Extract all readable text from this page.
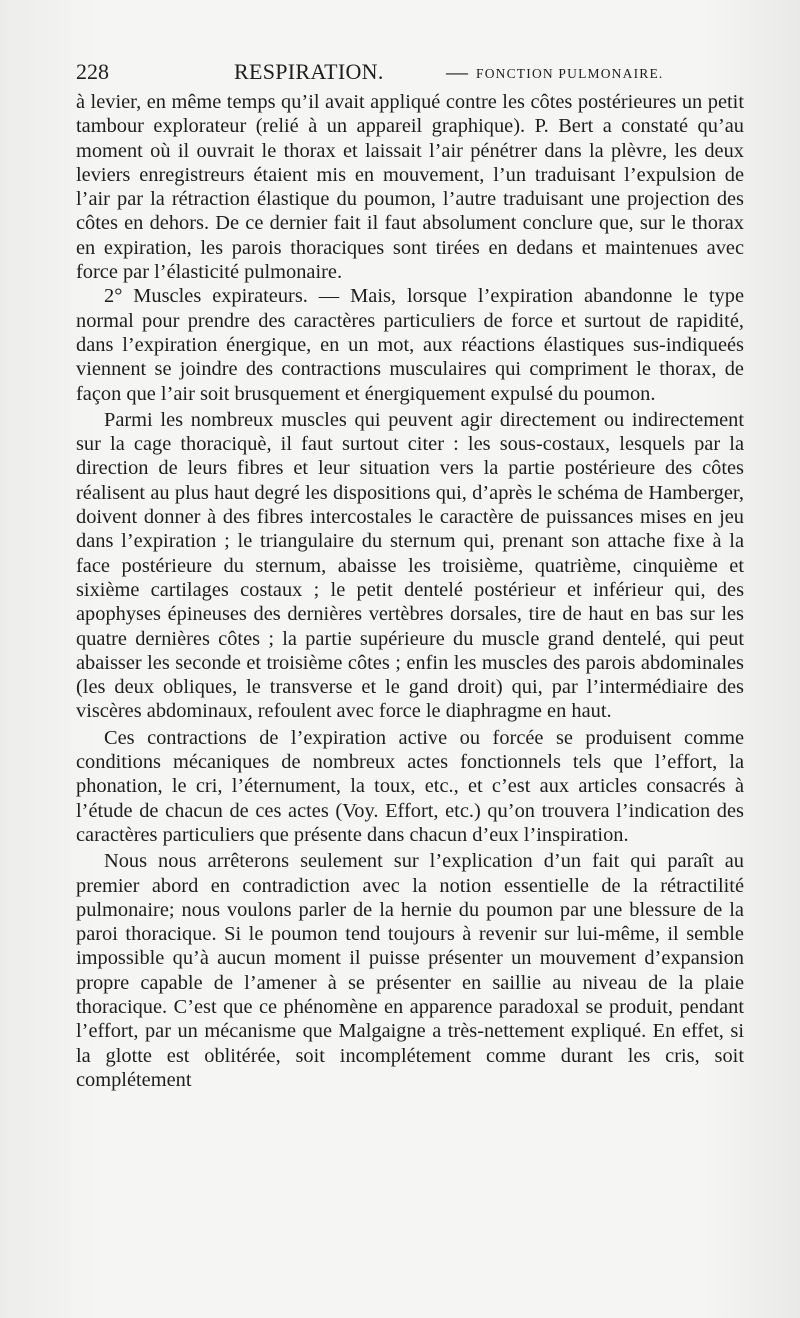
228	RESPIRATION.	— FONCTION PULMONAIRE.

à levier, en même temps qu’il avait appliqué contre les côtes postérieures un petit tambour explorateur (relié à un appareil graphique). P. Bert a constaté qu’au moment où il ouvrait le thorax et laissait l’air pénétrer dans la plèvre, les deux leviers enregistreurs étaient mis en mouvement, l’un traduisant l’expulsion de l’air par la rétraction élastique du poumon, l’autre traduisant une projection des côtes en dehors. De ce dernier fait il faut absolument conclure que, sur le thorax en expiration, les parois thoraciques sont tirées en dedans et maintenues avec force par l’élasticité pulmonaire.

2° Muscles expirateurs. — Mais, lorsque l’expiration abandonne le type normal pour prendre des caractères particuliers de force et surtout de rapidité, dans l’expiration énergique, en un mot, aux réactions élastiques sus-indiqueés viennent se joindre des contractions musculaires qui compriment le thorax, de façon que l’air soit brusquement et énergiquement expulsé du poumon.

Parmi les nombreux muscles qui peuvent agir directement ou indirectement sur la cage thoraciquè, il faut surtout citer : les sous-costaux, lesquels par la direction de leurs fibres et leur situation vers la partie postérieure des côtes réalisent au plus haut degré les dispositions qui, d’après le schéma de Hamberger, doivent donner à des fibres intercostales le caractère de puissances mises en jeu dans l’expiration ; le triangulaire du sternum qui, prenant son attache fixe à la face postérieure du sternum, abaisse les troisième, quatrième, cinquième et sixième cartilages costaux ; le petit dentelé postérieur et inférieur qui, des apophyses épineuses des dernières vertèbres dorsales, tire de haut en bas sur les quatre dernières côtes ; la partie supérieure du muscle grand dentelé, qui peut abaisser les seconde et troisième côtes ; enfin les muscles des parois abdominales (les deux obliques, le transverse et le gand droit) qui, par l’intermédiaire des viscères abdominaux, refoulent avec force le diaphragme en haut.

Ces contractions de l’expiration active ou forcée se produisent comme conditions mécaniques de nombreux actes fonctionnels tels que l’effort, la phonation, le cri, l’éternument, la toux, etc., et c’est aux articles consacrés à l’étude de chacun de ces actes (Voy. Effort, etc.) qu’on trouvera l’indication des caractères particuliers que présente dans chacun d’eux l’inspiration.

Nous nous arrêterons seulement sur l’explication d’un fait qui paraît au premier abord en contradiction avec la notion essentielle de la rétractilité pulmonaire; nous voulons parler de la hernie du poumon par une blessure de la paroi thoracique. Si le poumon tend toujours à revenir sur lui-même, il semble impossible qu’à aucun moment il puisse présenter un mouvement d’expansion propre capable de l’amener à se présenter en saillie au niveau de la plaie thoracique. C’est que ce phénomène en apparence paradoxal se produit, pendant l’effort, par un mécanisme que Malgaigne a très-nettement expliqué. En effet, si la glotte est oblitérée, soit incomplétement comme durant les cris, soit complétement
